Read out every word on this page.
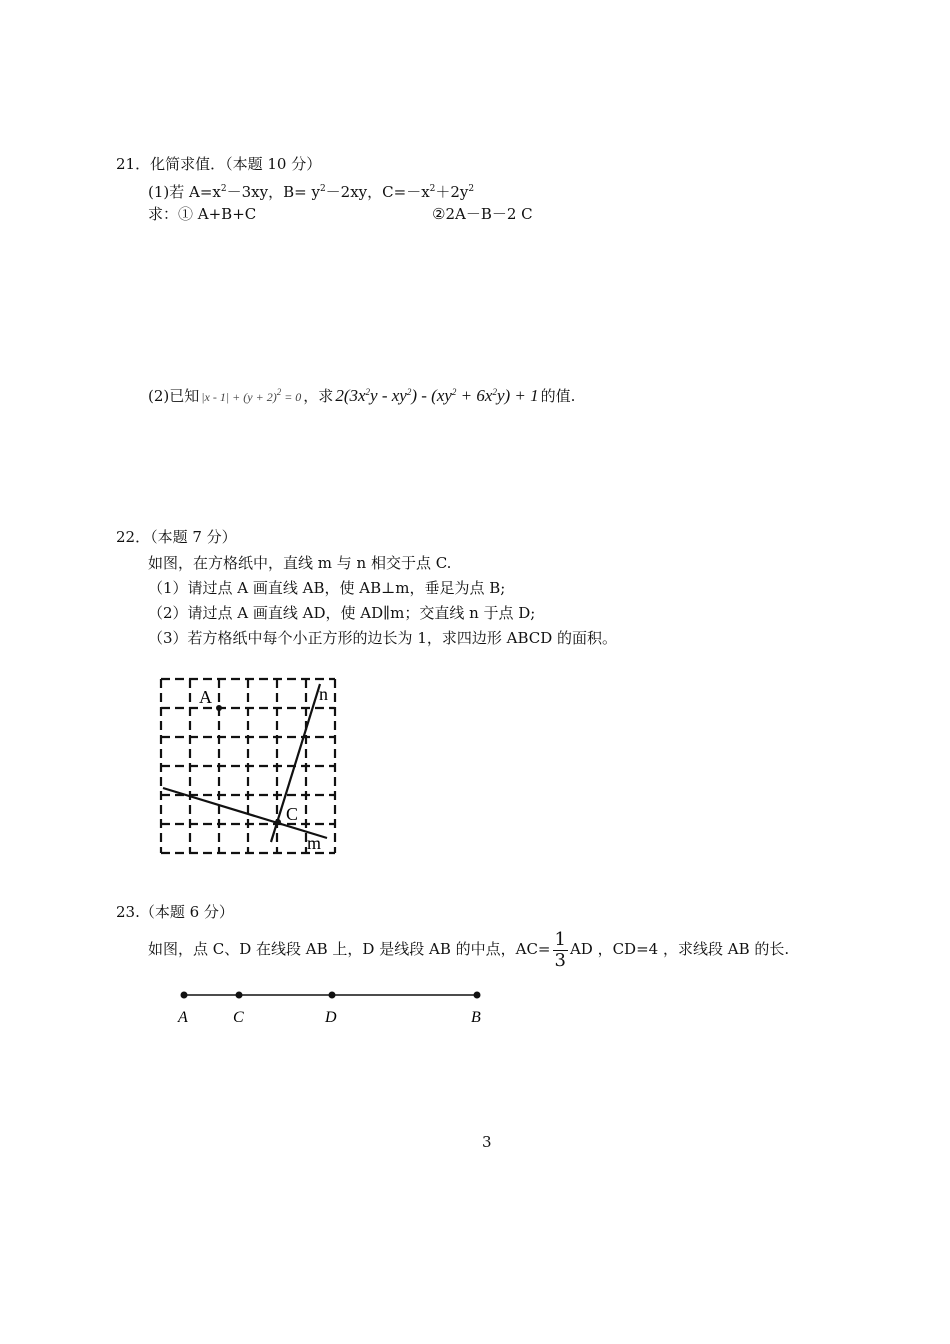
21．化简求值．（本题 10 分）
(1)若 $A=x^2-3xy$，$B= y^2-2xy$，$C=-x^2+2y^2$
求：① A+B+C	②2A－B－2 C
(2)已知 $|x - 1| + (y + 2)^2 = 0$ ，求 $2(3x^2y - xy^2) - (xy^2 + 6x^2y) + 1$ 的值.
22．（本题 7 分）
如图，在方格纸中，直线 m 与 n 相交于点 C.
（1）请过点 A 画直线 AB，使 AB⊥m，垂足为点 B;
（2）请过点 A 画直线 AD，使 AD∥m；交直线 n 于点 D;
（3）若方格纸中每个小正方形的边长为 1，求四边形 ABCD 的面积。
A
C
n
m
23.（本题 6 分）
如图，点 C、D 在线段 AB 上，D 是线段 AB 的中点，$AC= \frac{1}{3}$ AD ，CD=4 ，求线段 AB 的长.
A	C	D	B
3
